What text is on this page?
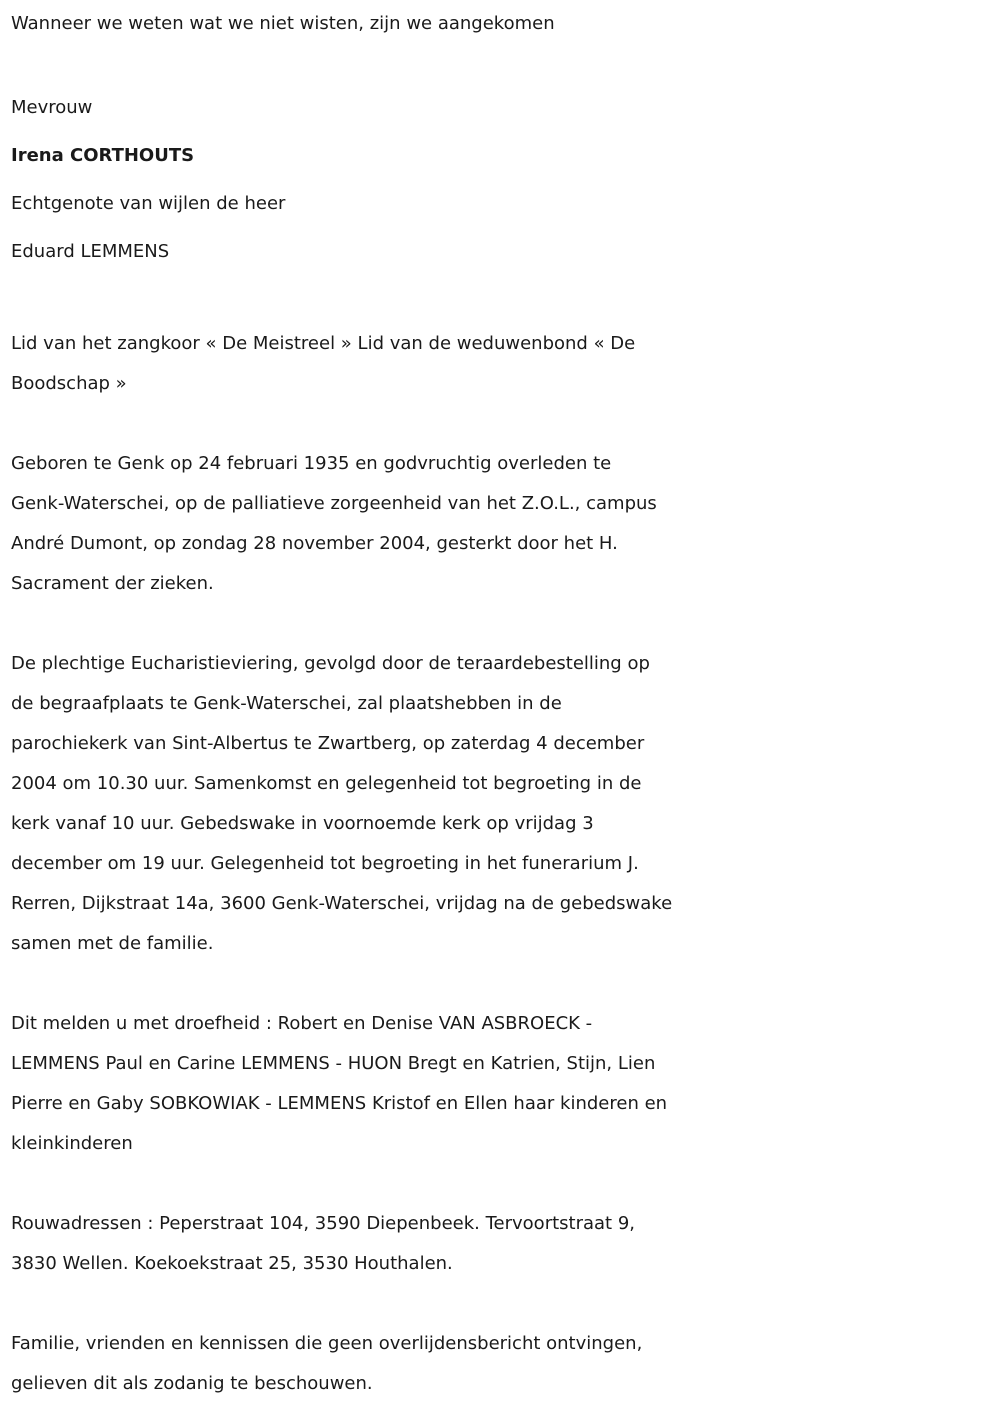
Wanneer we weten wat we niet wisten, zijn we aangekomen

Mevrouw

Irena CORTHOUTS

Echtgenote van wijlen de heer

Eduard LEMMENS

Lid van het zangkoor « De Meistreel » Lid van de weduwenbond « De

Boodschap »

Geboren te Genk op 24 februari 1935 en godvruchtig overleden te

Genk-Waterschei, op de palliatieve zorgeenheid van het Z.O.L., campus

André Dumont, op zondag 28 november 2004, gesterkt door het H.

Sacrament der zieken.

De plechtige Eucharistieviering, gevolgd door de teraardebestelling op

de begraafplaats te Genk-Waterschei, zal plaatshebben in de

parochiekerk van Sint-Albertus te Zwartberg, op zaterdag 4 december

2004 om 10.30 uur. Samenkomst en gelegenheid tot begroeting in de

kerk vanaf 10 uur. Gebedswake in voornoemde kerk op vrijdag 3

december om 19 uur. Gelegenheid tot begroeting in het funerarium J.

Rerren, Dijkstraat 14a, 3600 Genk-Waterschei, vrijdag na de gebedswake

samen met de familie.

Dit melden u met droefheid : Robert en Denise VAN ASBROECK -

LEMMENS Paul en Carine LEMMENS - HUON Bregt en Katrien, Stijn, Lien

Pierre en Gaby SOBKOWIAK - LEMMENS Kristof en Ellen haar kinderen en

kleinkinderen

Rouwadressen : Peperstraat 104, 3590 Diepenbeek. Tervoortstraat 9,

3830 Wellen. Koekoekstraat 25, 3530 Houthalen.

Familie, vrienden en kennissen die geen overlijdensbericht ontvingen,

gelieven dit als zodanig te beschouwen.
